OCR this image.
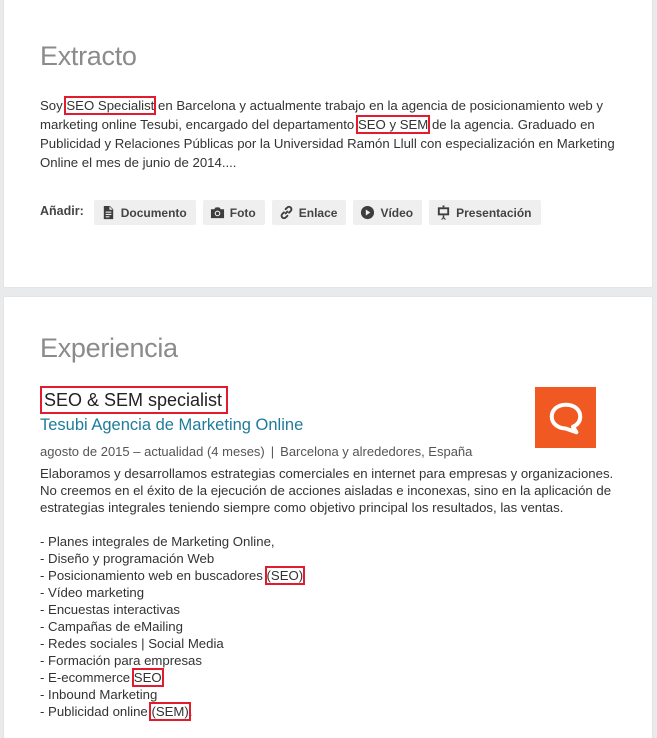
Extracto

Soy SEO Specialist en Barcelona y actualmente trabajo en la agencia de posicionamiento web y marketing online Tesubi, encargado del departamento SEO y SEM de la agencia. Graduado en Publicidad y Relaciones Públicas por la Universidad Ramón Llull con especialización en Marketing Online el mes de junio de 2014....

Añadir:	Documento	Foto	Enlace	Vídeo	Presentación
Experiencia
SEO & SEM specialist
Tesubi Agencia de Marketing Online
agosto de 2015 – actualidad (4 meses) | Barcelona y alrededores, España

Elaboramos y desarrollamos estrategias comerciales en internet para empresas y organizaciones. No creemos en el éxito de la ejecución de acciones aisladas e inconexas, sino en la aplicación de estrategias integrales teniendo siempre como objetivo principal los resultados, las ventas.

- Planes integrales de Marketing Online,
- Diseño y programación Web
- Posicionamiento web en buscadores (SEO)
- Vídeo marketing
- Encuestas interactivas
- Campañas de eMailing
- Redes sociales | Social Media
- Formación para empresas
- E-ecommerce SEO
- Inbound Marketing
- Publicidad online (SEM).
